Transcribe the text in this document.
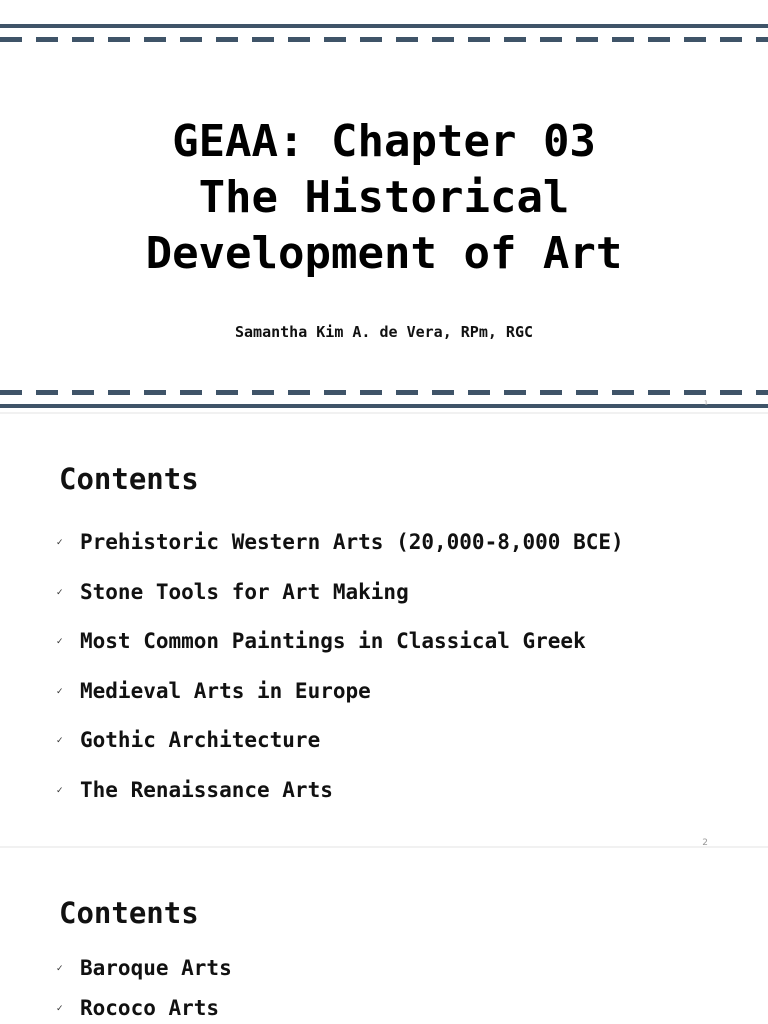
GEAA: Chapter 03
The Historical
Development of Art
Samantha Kim A. de Vera, RPm, RGC
1
Contents
✓ Prehistoric Western Arts (20,000-8,000 BCE)
✓ Stone Tools for Art Making
✓ Most Common Paintings in Classical Greek
✓ Medieval Arts in Europe
✓ Gothic Architecture
✓ The Renaissance Arts
2
Contents
✓ Baroque Arts
✓ Rococo Arts
